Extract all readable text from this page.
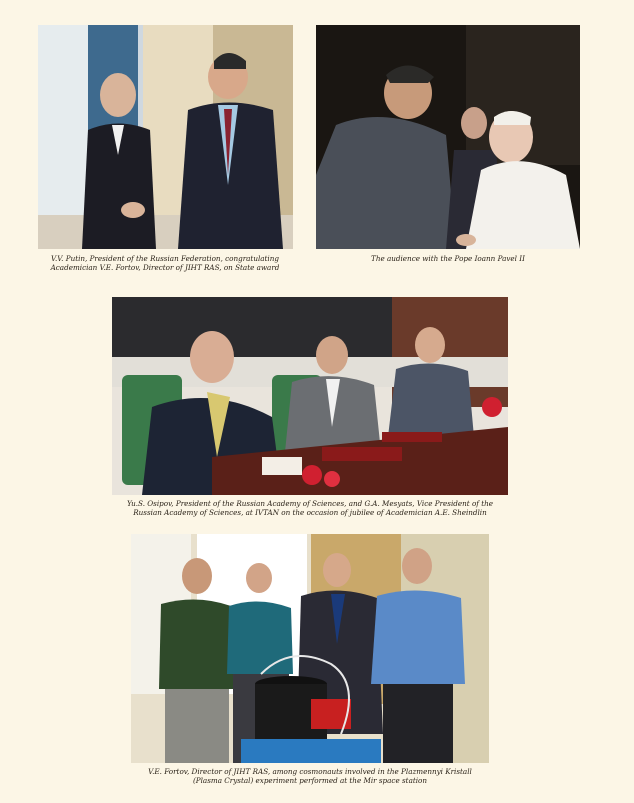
V.V. Putin, President of the Russian Federation, congratulating
Academician V.E. Fortov, Director of JIHT RAS, on State award
The audience with the Pope Ioann Pavel II
Yu.S. Osipov, President of the Russian Academy of Sciences, and G.A. Mesyats, Vice President of the
Russian Academy of Sciences, at IVTAN on the occasion of jubilee of Academician A.E. Sheindlin
V.E. Fortov, Director of JIHT RAS, among cosmonauts involved in the Plazmennyi Kristall
(Plasma Crystal) experiment performed at the Mir space station
